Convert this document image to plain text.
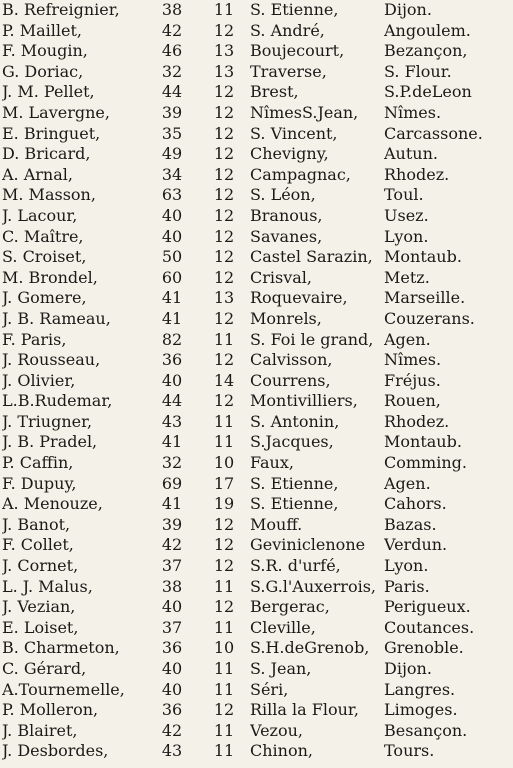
B. Refreignier,	38	11 S. Etienne,	Dijon.
P. Maillet,	42	12 S. André,	Angoulem.
F. Mougin,	46	13 Boujecourt,	Bezançon,
G. Doriac,	32	13 Traverse,	S. Flour.
J. M. Pellet,	44	12 Brest,	S.P.deLeon
M. Lavergne,	39	12 NîmesS.Jean,	Nîmes.
E. Bringuet,	35	12 S. Vincent,	Carcassone.
D. Bricard,	49	12 Chevigny,	Autun.
A. Arnal,	34	12 Campagnac,	Rhodez.
M. Masson,	63	12 S. Léon,	Toul.
J. Lacour,	40	12 Branous,	Usez.
C. Maître,	40	12 Savanes,	Lyon.
S. Croiset,	50	12 Castel Sarazin, Montaub.
M. Brondel,	60	12 Crisval,	Metz.
J. Gomere,	41	13 Roquevaire,	Marseille.
J. B. Rameau,	41	12 Monrels,	Couzerans.
F. Paris,	82	11 S. Foi le grand, Agen.
J. Rousseau,	36	12 Calvisson,	Nîmes.
J. Olivier,	40	14 Courrens,	Fréjus.
L.B.Rudemar,	44	12 Montivilliers,	Rouen,
J. Triugner,	43	11 S. Antonin,	Rhodez.
J. B. Pradel,	41	11 S.Jacques,	Montaub.
P. Caffin,	32	10 Faux,	Comming.
F. Dupuy,	69	17 S. Etienne,	Agen.
A. Menouze,	41	19 S. Etienne,	Cahors.
J. Banot,	39	12 Mouff.	Bazas.
F. Collet,	42	12 Geviniclenone	Verdun.
J. Cornet,	37	12 S.R. d'urfé,	Lyon.
L. J. Malus,	38	11 S.G.l'Auxerrois, Paris.
J. Vezian,	40	12 Bergerac,	Perigueux.
E. Loiset,	37	11 Cleville,	Coutances.
B. Charmeton,	36	10 S.H.deGrenob, Grenoble.
C. Gérard,	40	11 S. Jean,	Dijon.
A.Tournemelle,	40	11 Séri,	Langres.
P. Molleron,	36	12 Rilla la Flour,	Limoges.
J. Blairet,	42	11 Vezou,	Besançon.
J. Desbordes,	43	11 Chinon,	Tours.
